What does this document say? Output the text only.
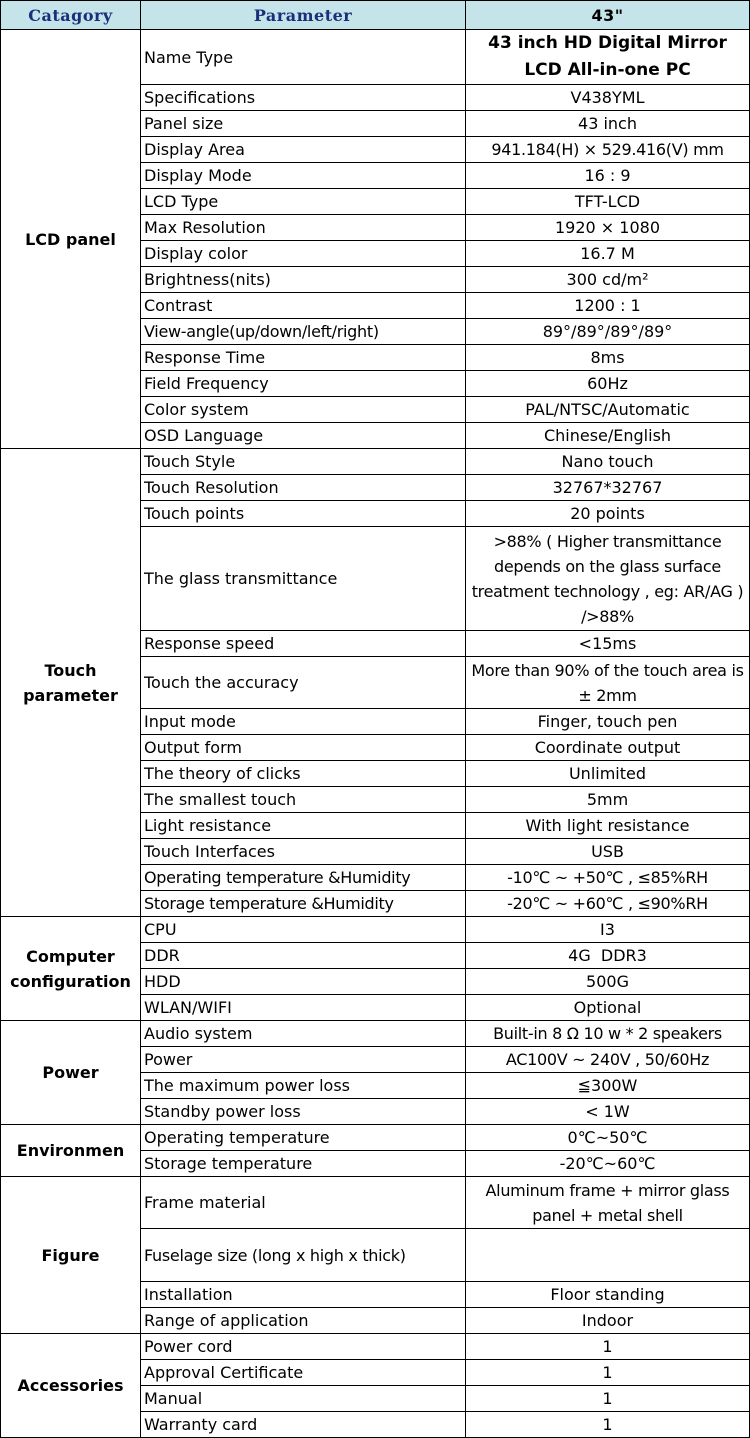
Catagory	Parameter	43"
LCD panel	Name Type	43 inch HD Digital Mirror LCD All-in-one PC
	Specifications	V438YML
	Panel size	43 inch
	Display Area	941.184(H) × 529.416(V) mm
	Display Mode	16 : 9
	LCD Type	TFT-LCD
	Max Resolution	1920 × 1080
	Display color	16.7 M
	Brightness(nits)	300 cd/m²
	Contrast	1200 : 1
	View-angle(up/down/left/right)	89°/89°/89°/89°
	Response Time	8ms
	Field Frequency	60Hz
	Color system	PAL/NTSC/Automatic
	OSD Language	Chinese/English
Touch parameter	Touch Style	Nano touch
	Touch Resolution	32767*32767
	Touch points	20 points
	The glass transmittance	>88% ( Higher transmittance depends on the glass surface treatment technology , eg: AR/AG ) />88%
	Response speed	<15ms
	Touch the accuracy	More than 90% of the touch area is ± 2mm
	Input mode	Finger, touch pen
	Output form	Coordinate output
	The theory of clicks	Unlimited
	The smallest touch	5mm
	Light resistance	With light resistance
	Touch Interfaces	USB
	Operating temperature &Humidity	-10℃ ~ +50℃ , ≤85%RH
	Storage temperature &Humidity	-20℃ ~ +60℃ , ≤90%RH
Computer configuration	CPU	I3
	DDR	4G  DDR3
	HDD	500G
	WLAN/WIFI	Optional
Power	Audio system	Built-in 8 Ω 10 w * 2 speakers
	Power	AC100V ~ 240V , 50/60Hz
	The maximum power loss	≦300W
	Standby power loss	< 1W
Environmen	Operating temperature	0℃~50℃
	Storage temperature	-20℃~60℃
Figure	Frame material	Aluminum frame + mirror glass panel + metal shell
	Fuselage size (long x high x thick)	
	Installation	Floor standing
	Range of application	Indoor
Accessories	Power cord	1
	Approval Certificate	1
	Manual	1
	Warranty card	1
